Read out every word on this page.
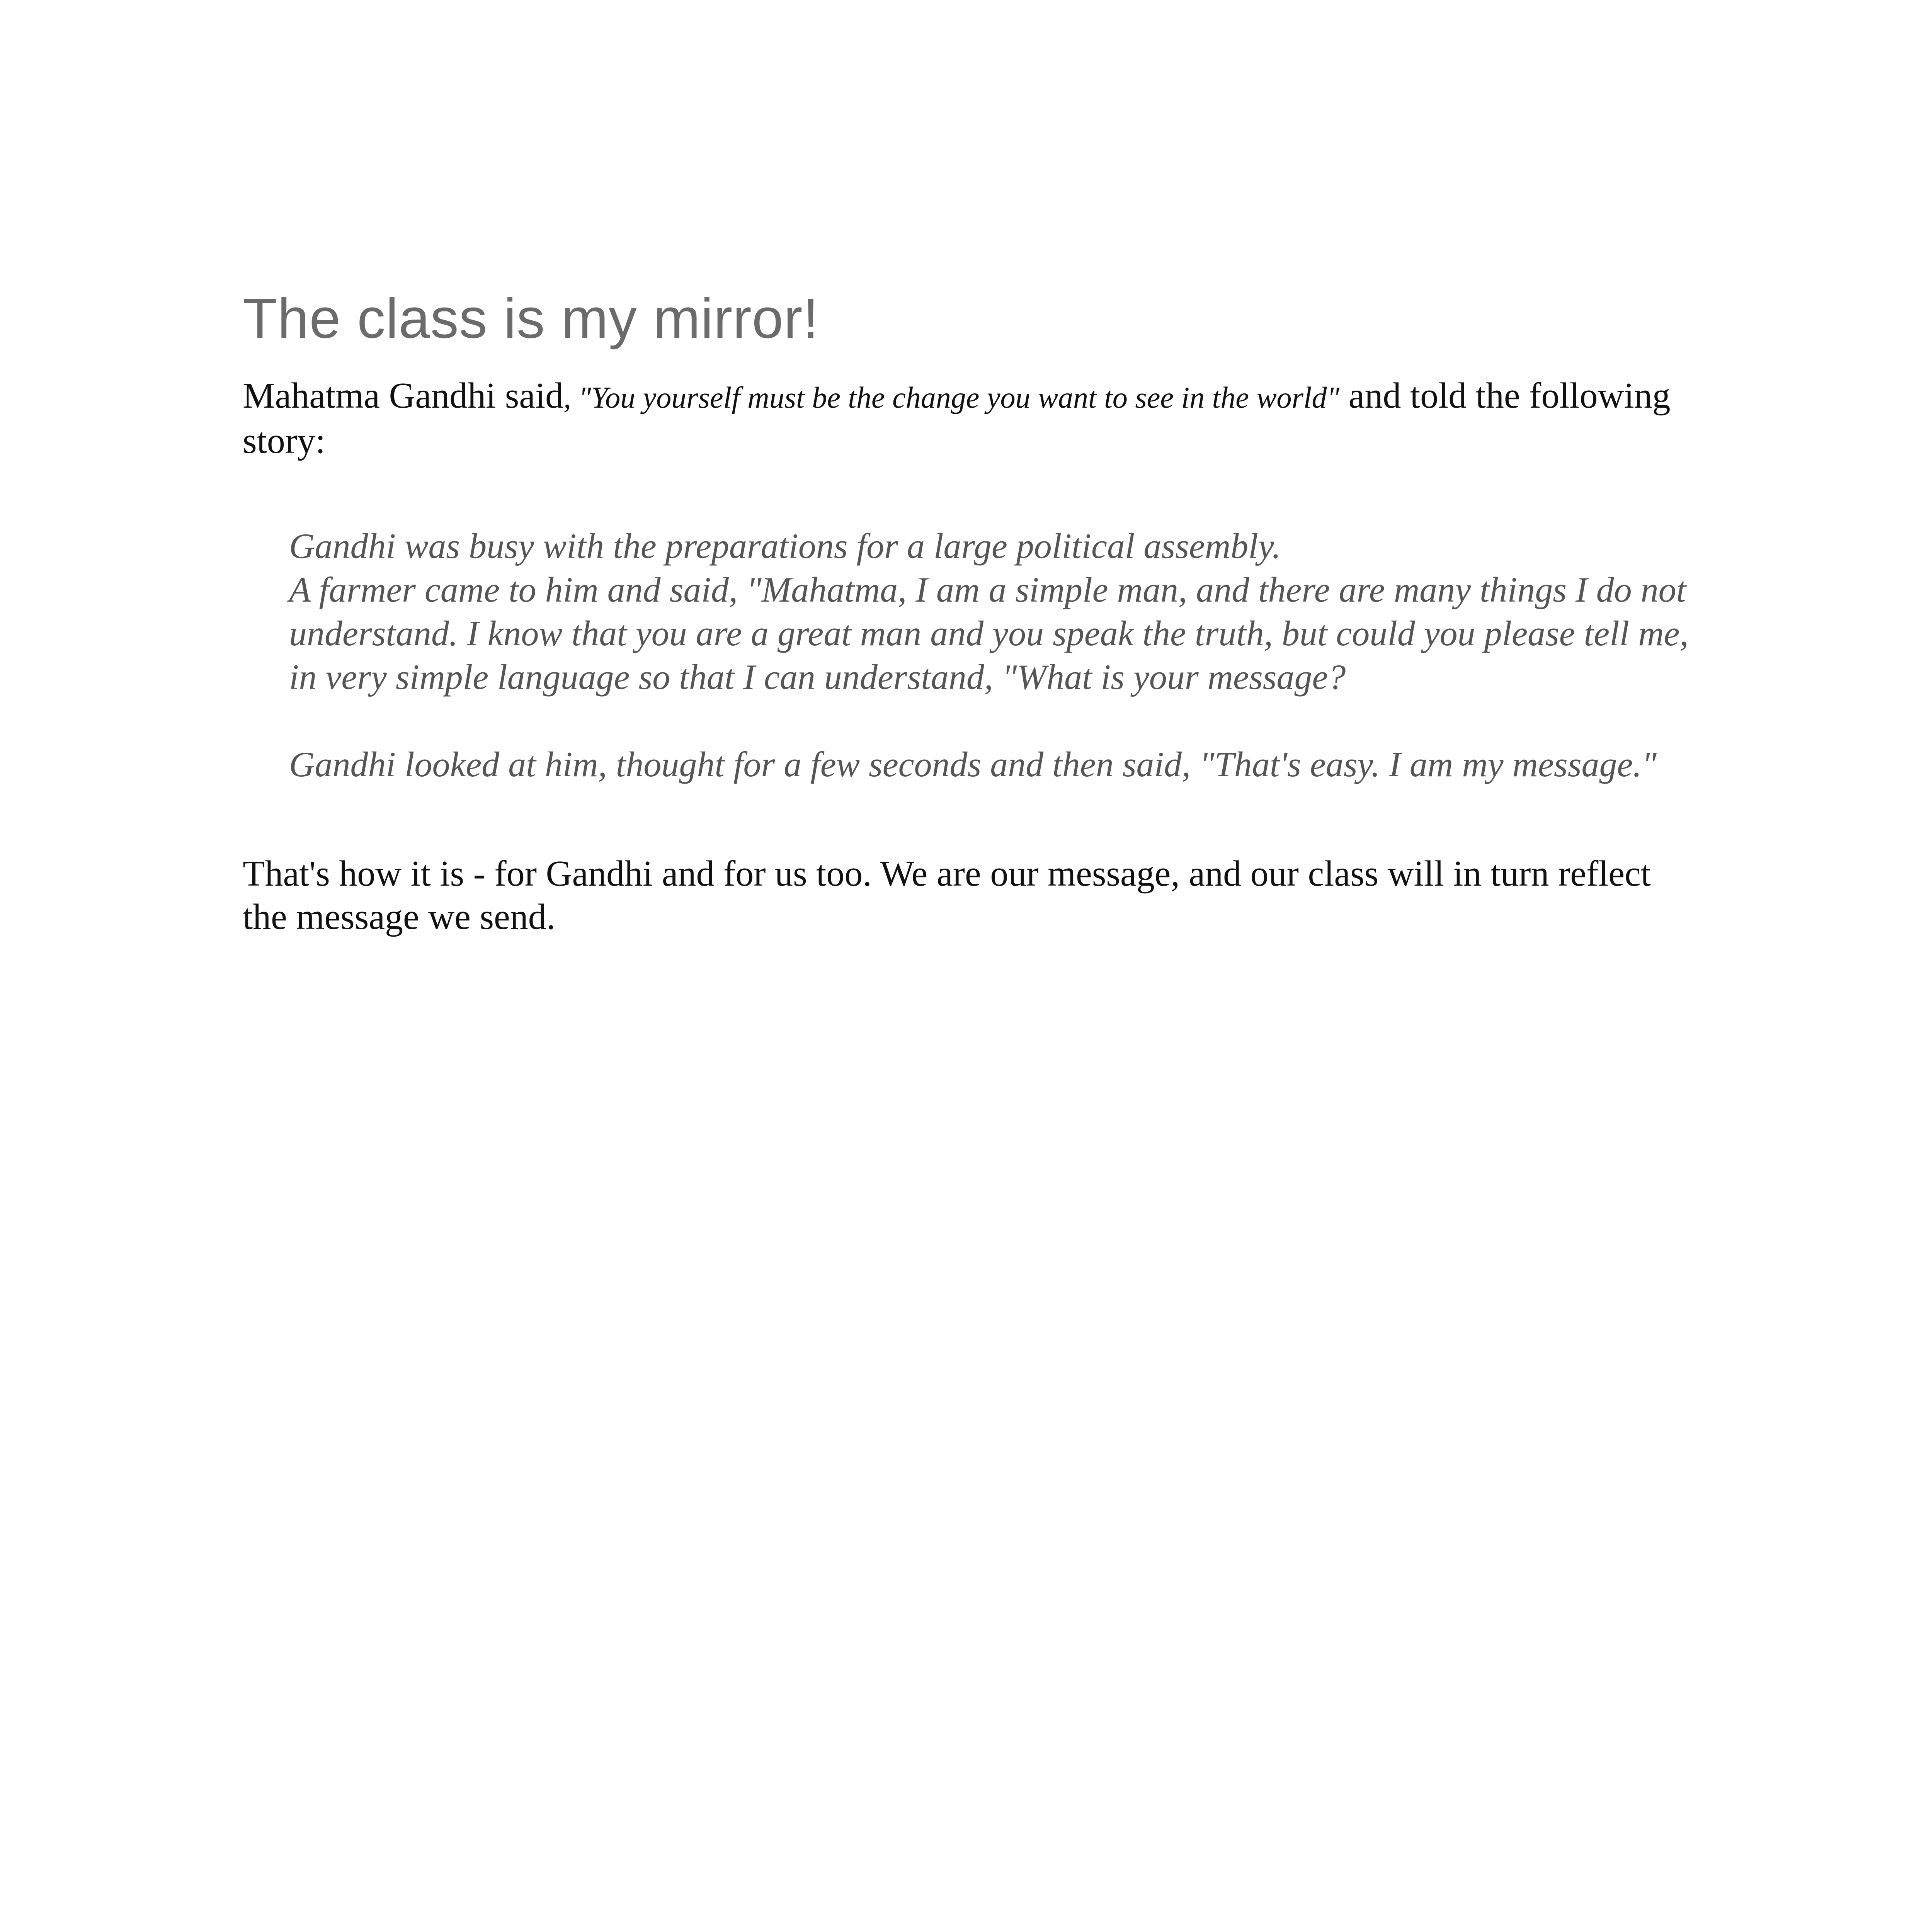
The class is my mirror!

Mahatma Gandhi said, "You yourself must be the change you want to see in the world" and told the following story:

Gandhi was busy with the preparations for a large political assembly.

A farmer came to him and said, "Mahatma, I am a simple man, and there are many things I do not understand. I know that you are a great man and you speak the truth, but could you please tell me, in very simple language so that I can understand, "What is your message?

Gandhi looked at him, thought for a few seconds and then said, "That's easy. I am my message."

That's how it is - for Gandhi and for us too. We are our message, and our class will in turn reflect the message we send.
